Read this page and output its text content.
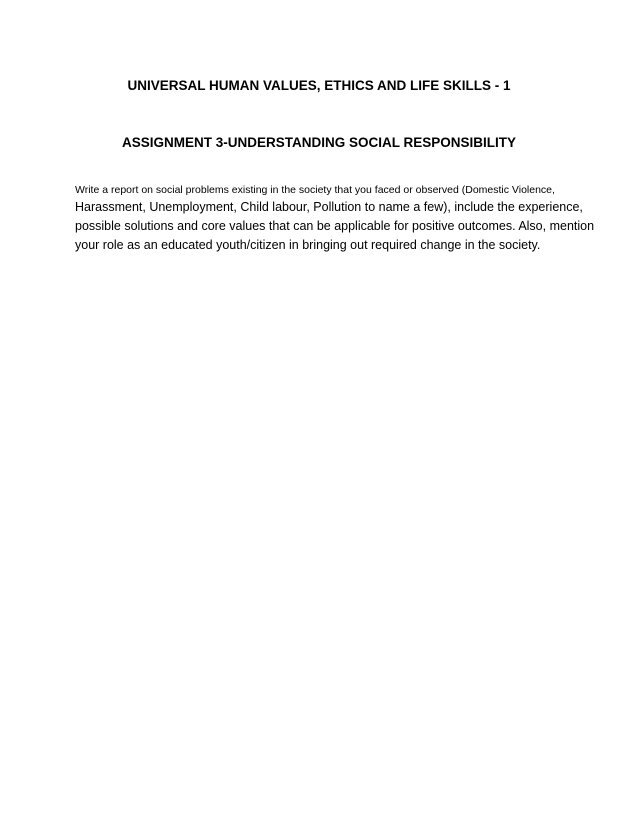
UNIVERSAL HUMAN VALUES, ETHICS AND LIFE SKILLS - 1
ASSIGNMENT 3-UNDERSTANDING SOCIAL RESPONSIBILITY
Write a report on social problems existing in the society that you faced or observed (Domestic Violence,
Harassment, Unemployment, Child labour, Pollution to name a few), include the experience,
possible solutions and core values that can be applicable for positive outcomes. Also, mention
your role as an educated youth/citizen in bringing out required change in the society.
